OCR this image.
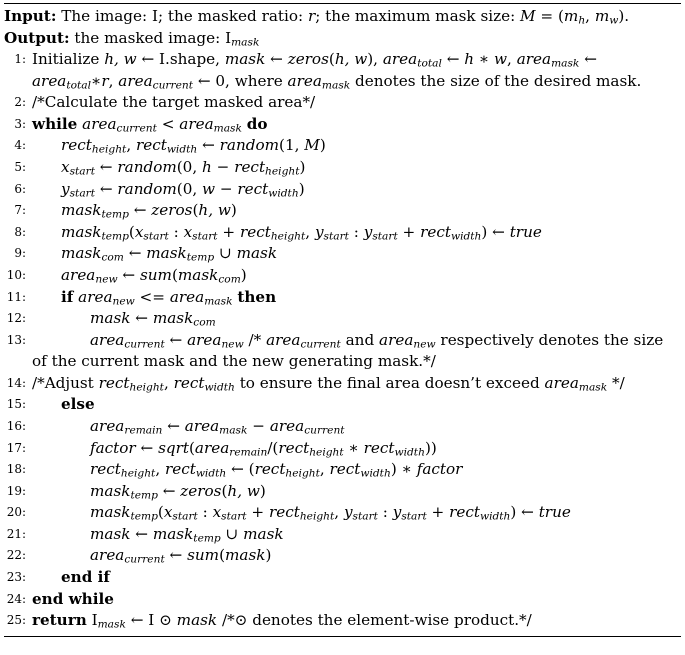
Input: The image: I; the masked ratio: r; the maximum mask size: $M = (m_h$, $m_w$).
Output: the masked image: $I_{mask}$
1: Initialize h, w ← I.shape, mask ← zeros(h, w), area$_{total}$ ← h ∗ w, area$_{mask}$ ← area$_{total}$∗r, area$_{current}$ ← 0, where area$_{mask}$ denotes the size of the desired mask.
2: /*Calculate the target masked area*/

3: while area$_{current}$ < area$_{mask}$ do

4: rect$_{height}$, rect$_{width}$ ← random(1, M)

5: $x_{start}$ ← random(0, h − rect$_{height}$)

6: $y_{start}$ ← random(0, w − rect$_{width}$)

7: mask$_{temp}$ ← zeros(h, w)

8: $mask_{temp}(x_{start}$ : $x_{start}$ + rect$_{height}$, $y_{start}$ : $y_{start}$ + rect$_{width}$) ← true

9: mask$_{com}$ ← mask$_{temp}$ ∪ mask

10: area$_{new}$ ← sum(mask$_{com}$)

11: if area$_{new}$ <= area$_{mask}$ then

12:	mask ← mask$_{com}$

13:	area$_{current}$ ← area$_{new}$ /* area$_{current}$ and area$_{new}$ respectively denotes the size of the current mask and the new generating mask.*/
14: /*Adjust rect$_{height}$, rect$_{width}$ to ensure the final area doesn’t exceed area$_{mask}$ */

15: else

16:	area$_{remain}$ ← area$_{mask}$ − area$_{current}$

17:	factor ← sqrt(area$_{remain}$/(rect$_{height}$ ∗ rect$_{width}$))

18:	rect$_{height}$, rect$_{width}$ ← (rect$_{height}$, rect$_{width}$) ∗ factor

19:	mask$_{temp}$ ← zeros(h, w)

20:	$mask_{temp}(x_{start}$ : $x_{start}$ + rect$_{height}$, $y_{start}$ : $y_{start}$ + rect$_{width}$) ← true

21:	mask ← mask$_{temp}$ ∪ mask

22:	area$_{current}$ ← sum(mask)

23: end if

24: end while

25: return $I_{mask}$ ← I ⊙ mask /*⊙ denotes the element-wise product.*/
